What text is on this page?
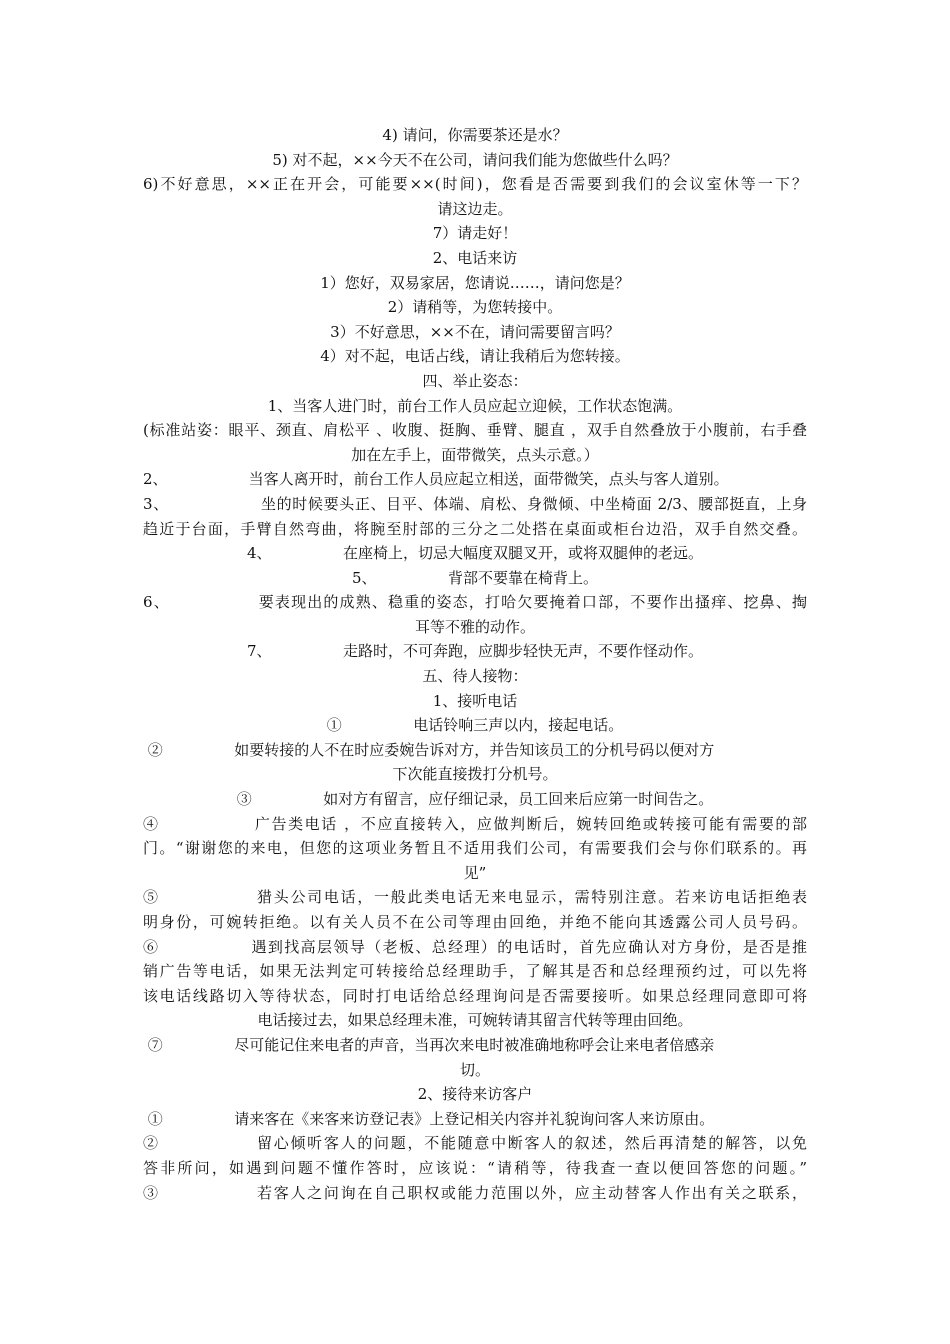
4) 请问，你需要茶还是水？
5) 对不起，××今天不在公司，请问我们能为您做些什么吗？
6)不好意思，××正在开会，可能要××(时间)，您看是否需要到我们的会议室休等一下？
请这边走。
7）请走好！
2、电话来访
1）您好，双易家居，您请说……，请问您是？
2）请稍等，为您转接中。
3）不好意思，××不在，请问需要留言吗？
4）对不起，电话占线，请让我稍后为您转接。
四、举止姿态：
1、当客人进门时，前台工作人员应起立迎候，工作状态饱满。
(标准站姿：眼平、颈直、肩松平 、收腹、挺胸、垂臂、腿直 ，双手自然叠放于小腹前，右手叠
加在左手上，面带微笑，点头示意。）
2、                 当客人离开时，前台工作人员应起立相送，面带微笑，点头与客人道别。
3、                 坐的时候要头正、目平、体端、肩松、身微倾、中坐椅面 2/3、腰部挺直，上身
趋近于台面，手臂自然弯曲，将腕至肘部的三分之二处搭在桌面或柜台边沿，双手自然交叠。
4、               在座椅上，切忌大幅度双腿叉开，或将双腿伸的老远。
5、               背部不要靠在椅背上。
6、               要表现出的成熟、稳重的姿态，打哈欠要掩着口部，不要作出搔痒、挖鼻、掏
耳等不雅的动作。
7、               走路时，不可奔跑，应脚步轻快无声，不要作怪动作。
五、待人接物：
1、接听电话
①               电话铃响三声以内，接起电话。
②               如要转接的人不在时应委婉告诉对方，并告知该员工的分机号码以便对方
下次能直接拨打分机号。
③               如对方有留言，应仔细记录，员工回来后应第一时间告之。
④               广告类电话 ，不应直接转入，应做判断后，婉转回绝或转接可能有需要的部
门。“谢谢您的来电，但您的这项业务暂且不适用我们公司，有需要我们会与你们联系的。再
见”
⑤               猎头公司电话，一般此类电话无来电显示，需特别注意。若来访电话拒绝表
明身份，可婉转拒绝。以有关人员不在公司等理由回绝，并绝不能向其透露公司人员号码。
⑥               遇到找高层领导（老板、总经理）的电话时，首先应确认对方身份，是否是推
销广告等电话，如果无法判定可转接给总经理助手，了解其是否和总经理预约过，可以先将
该电话线路切入等待状态，同时打电话给总经理询问是否需要接听。如果总经理同意即可将
电话接过去，如果总经理未准，可婉转请其留言代转等理由回绝。
⑦               尽可能记住来电者的声音，当再次来电时被准确地称呼会让来电者倍感亲
切。
2、接待来访客户
①               请来客在《来客来访登记表》上登记相关内容并礼貌询问客人来访原由。
②               留心倾听客人的问题，不能随意中断客人的叙述，然后再清楚的解答，以免
答非所问，如遇到问题不懂作答时，应该说：“请稍等，待我查一查以便回答您的问题。”
③               若客人之问询在自己职权或能力范围以外，应主动替客人作出有关之联系，
